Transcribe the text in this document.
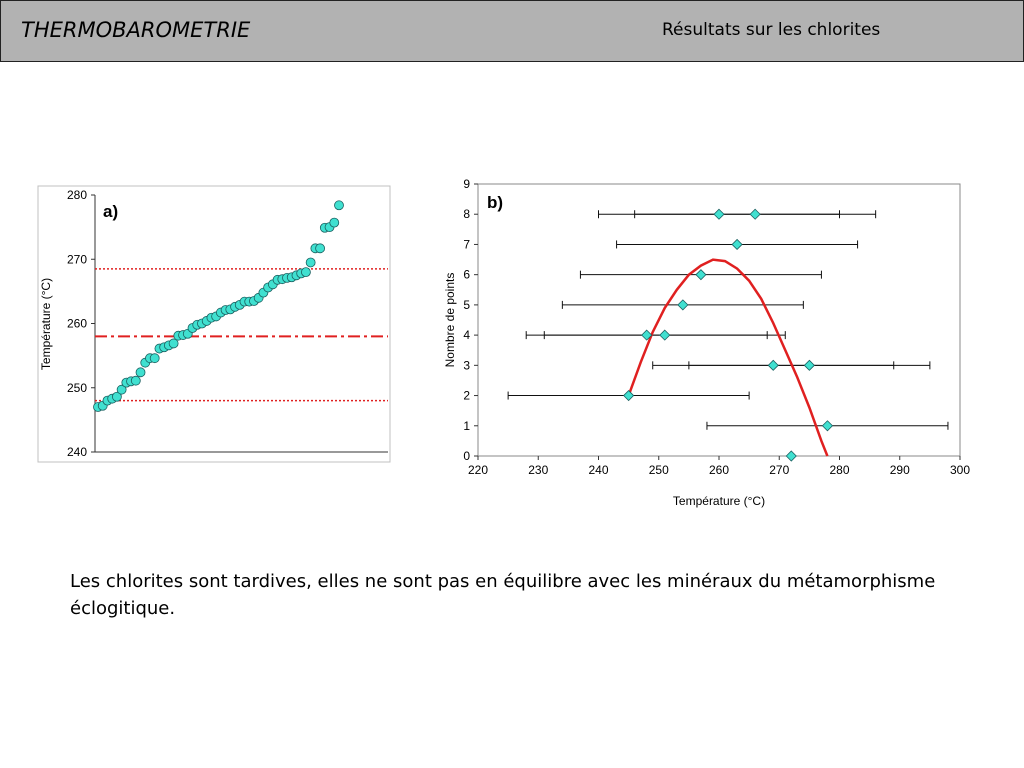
THERMOBAROMETRIE	Résultats sur les chlorites
240
250
260
270
280
a)
Température (°C)
220	230	240	250	260	270	280	290	300
0
1
2
3
4
5
6
7
8
9
b)
Température (°C)
Nombre de points
Les chlorites sont tardives, elles ne sont pas en équilibre avec les minéraux du métamorphisme éclogitique.
